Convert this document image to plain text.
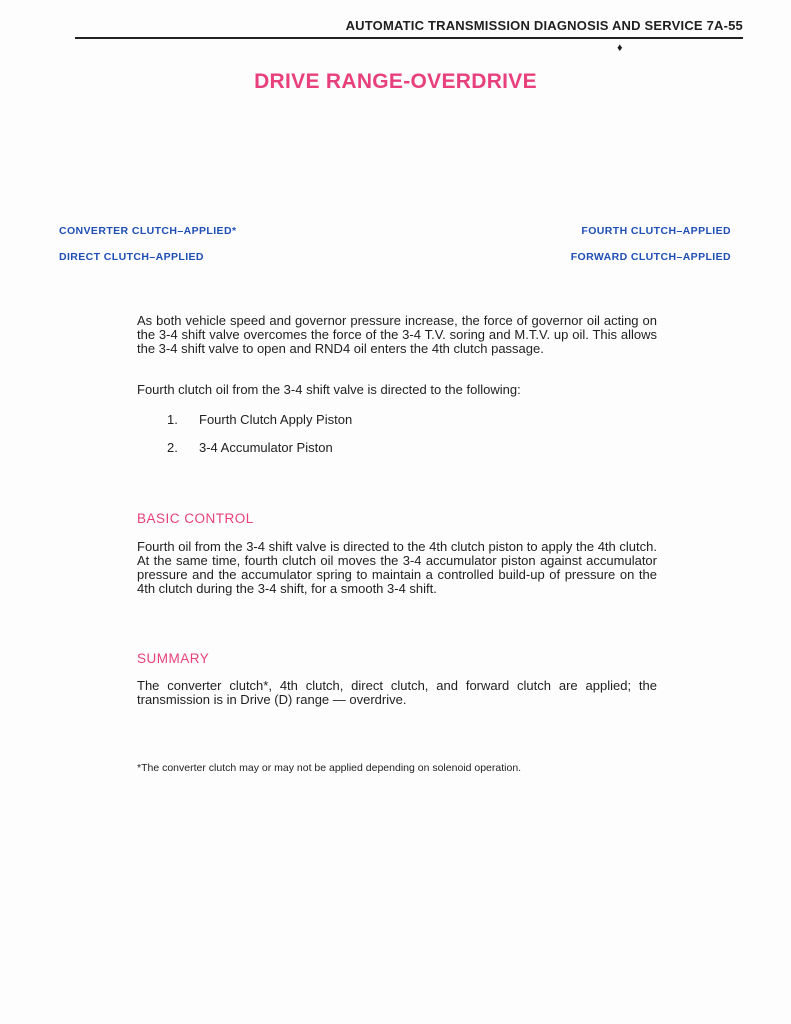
AUTOMATIC TRANSMISSION DIAGNOSIS AND SERVICE 7A-55
♦
DRIVE RANGE-OVERDRIVE
CONVERTER CLUTCH–APPLIED*
DIRECT CLUTCH–APPLIED
FOURTH CLUTCH–APPLIED
FORWARD CLUTCH–APPLIED
As both vehicle speed and governor pressure increase, the force of governor oil acting on the 3-4 shift valve overcomes the force of the 3-4 T.V. soring and M.T.V. up oil. This allows the 3-4 shift valve to open and RND4 oil enters the 4th clutch passage.
Fourth clutch oil from the 3-4 shift valve is directed to the following:
1. Fourth Clutch Apply Piston
2. 3-4 Accumulator Piston
BASIC CONTROL
Fourth oil from the 3-4 shift valve is directed to the 4th clutch piston to apply the 4th clutch. At the same time, fourth clutch oil moves the 3-4 accumulator piston against accumulator pressure and the accumulator spring to maintain a controlled build-up of pressure on the 4th clutch during the 3-4 shift, for a smooth 3-4 shift.
SUMMARY
The converter clutch*, 4th clutch, direct clutch, and forward clutch are applied; the transmission is in Drive (D) range — overdrive.
*The converter clutch may or may not be applied depending on solenoid operation.
